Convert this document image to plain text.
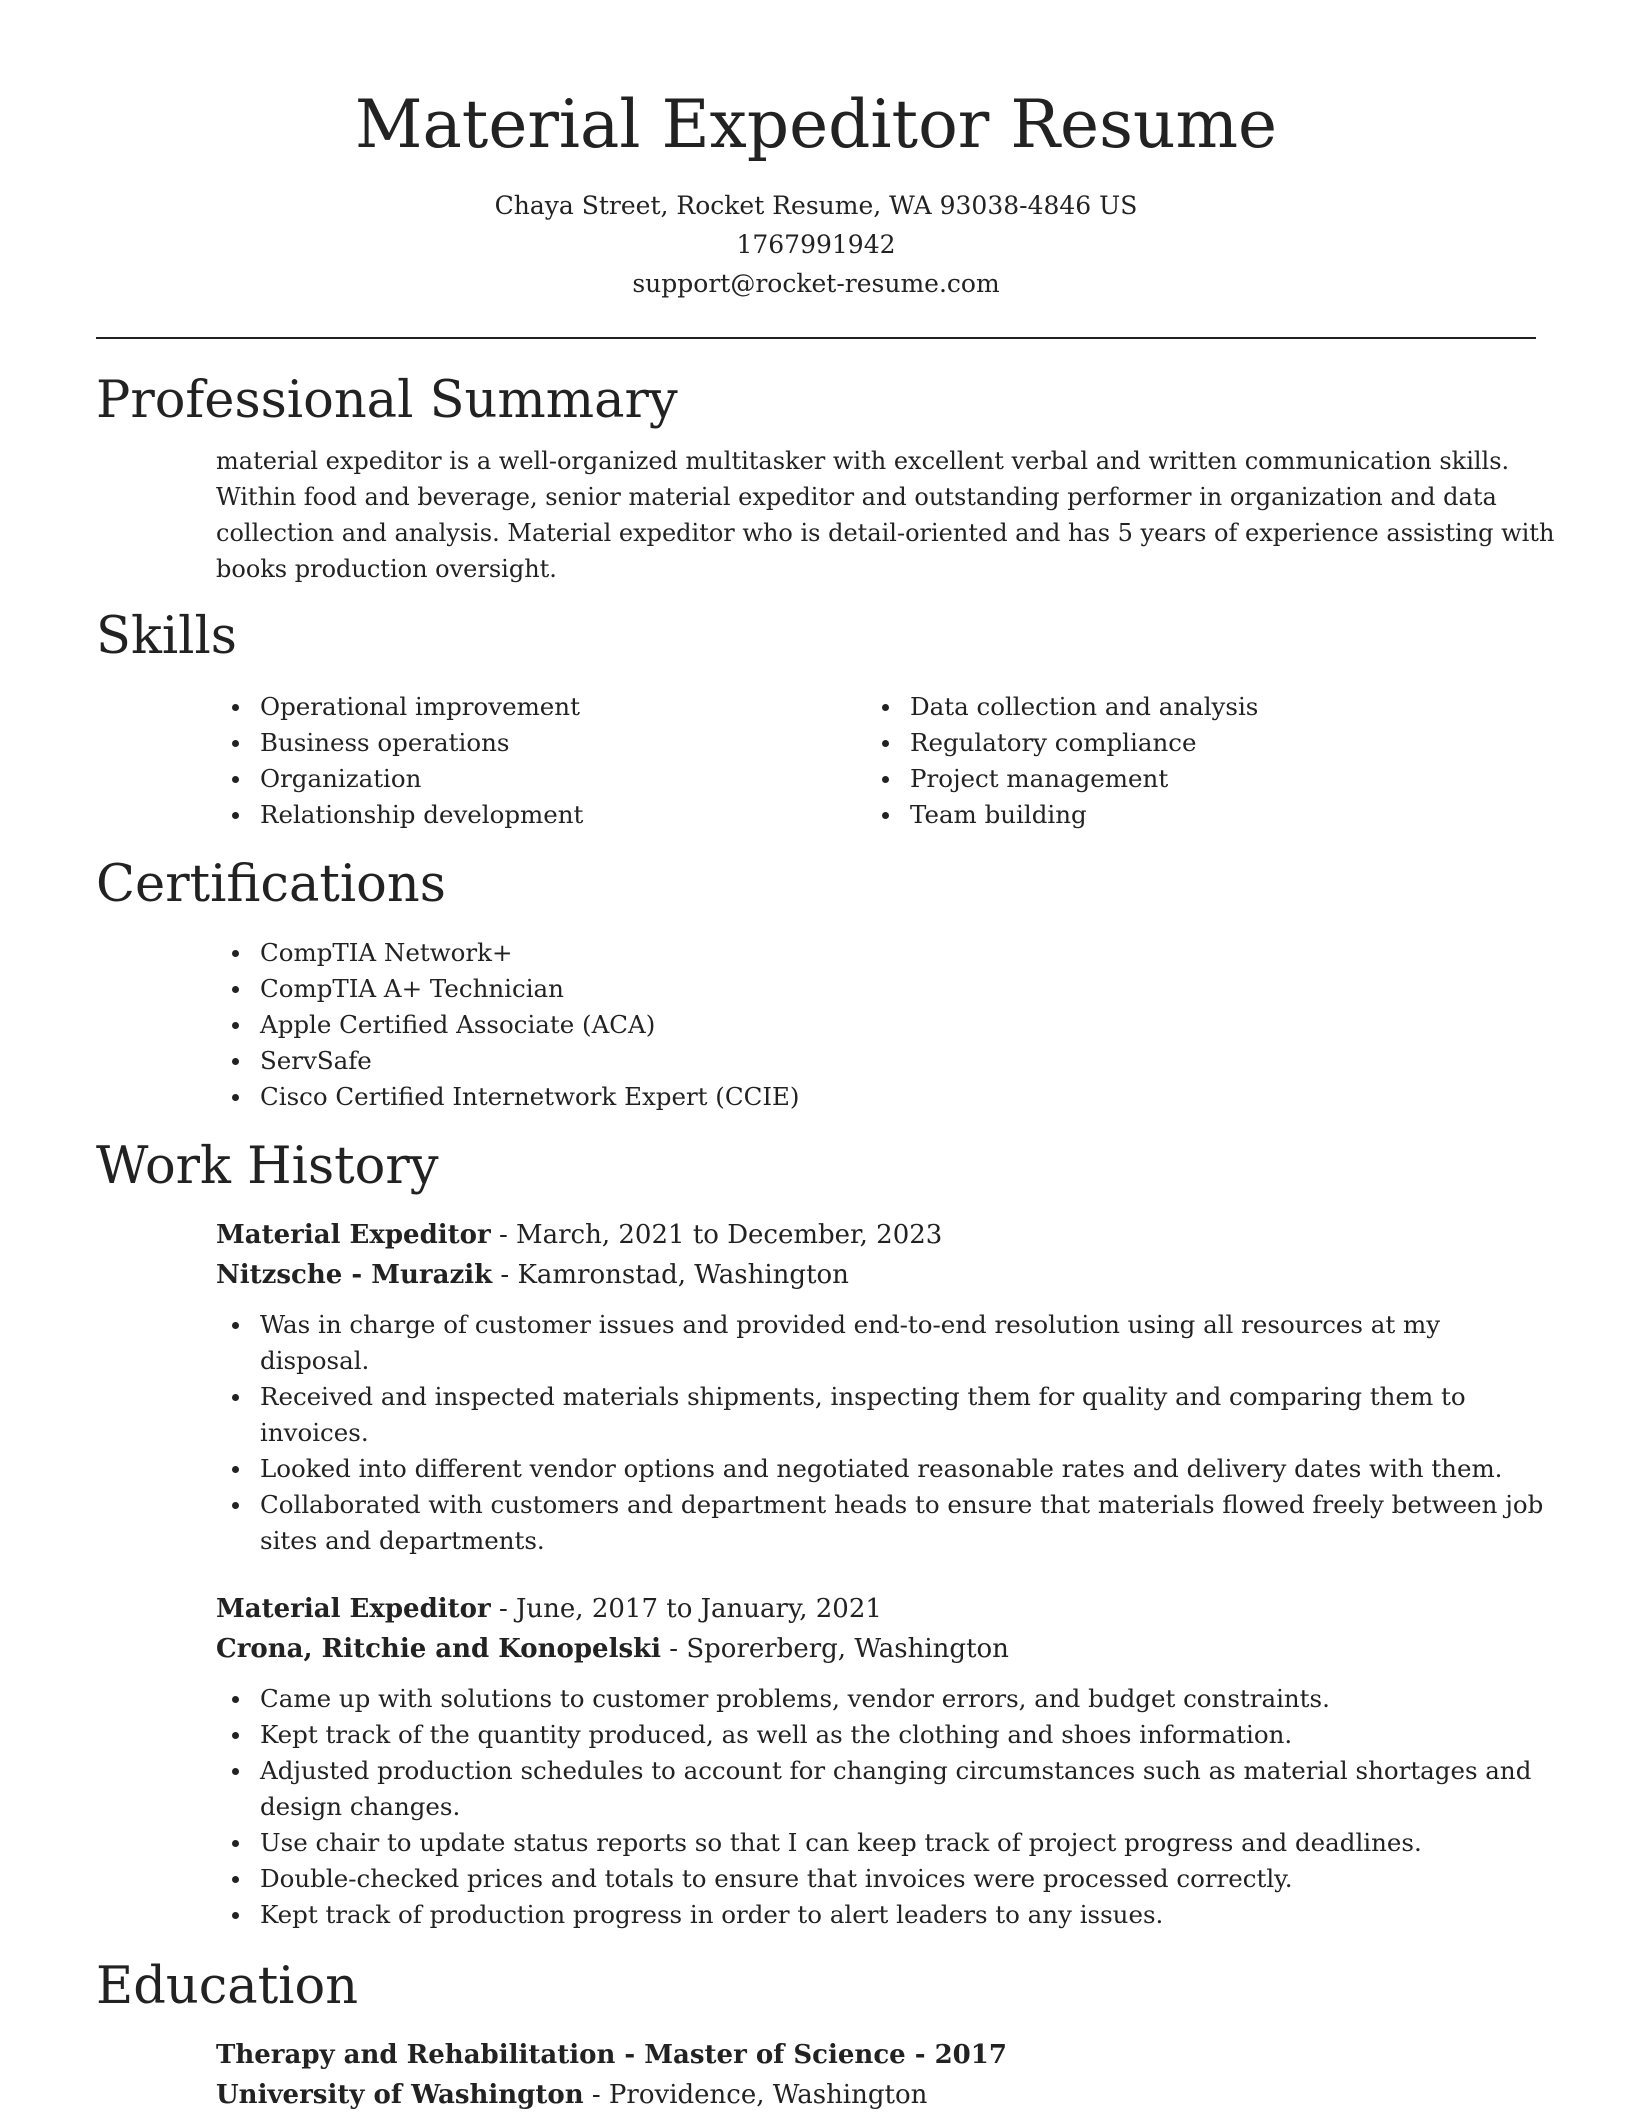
Material Expeditor Resume
Chaya Street, Rocket Resume, WA 93038-4846 US
1767991942
support@rocket-resume.com
Professional Summary

material expeditor is a well-organized multitasker with excellent verbal and written communication skills. Within food and beverage, senior material expeditor and outstanding performer in organization and data collection and analysis. Material expeditor who is detail-oriented and has 5 years of experience assisting with books production oversight.

Skills
Operational improvement
Business operations
Organization
Relationship development
Data collection and analysis
Regulatory compliance
Project management
Team building
Certifications
CompTIA Network+
CompTIA A+ Technician
Apple Certified Associate (ACA)
ServSafe
Cisco Certified Internetwork Expert (CCIE)
Work History
Material Expeditor - March, 2021 to December, 2023
Nitzsche - Murazik - Kamronstad, Washington
Was in charge of customer issues and provided end-to-end resolution using all resources at my disposal.
Received and inspected materials shipments, inspecting them for quality and comparing them to invoices.
Looked into different vendor options and negotiated reasonable rates and delivery dates with them.
Collaborated with customers and department heads to ensure that materials flowed freely between job sites and departments.
Material Expeditor - June, 2017 to January, 2021
Crona, Ritchie and Konopelski - Sporerberg, Washington
Came up with solutions to customer problems, vendor errors, and budget constraints.
Kept track of the quantity produced, as well as the clothing and shoes information.
Adjusted production schedules to account for changing circumstances such as material shortages and design changes.
Use chair to update status reports so that I can keep track of project progress and deadlines.
Double-checked prices and totals to ensure that invoices were processed correctly.
Kept track of production progress in order to alert leaders to any issues.
Education
Therapy and Rehabilitation - Master of Science - 2017
University of Washington - Providence, Washington
